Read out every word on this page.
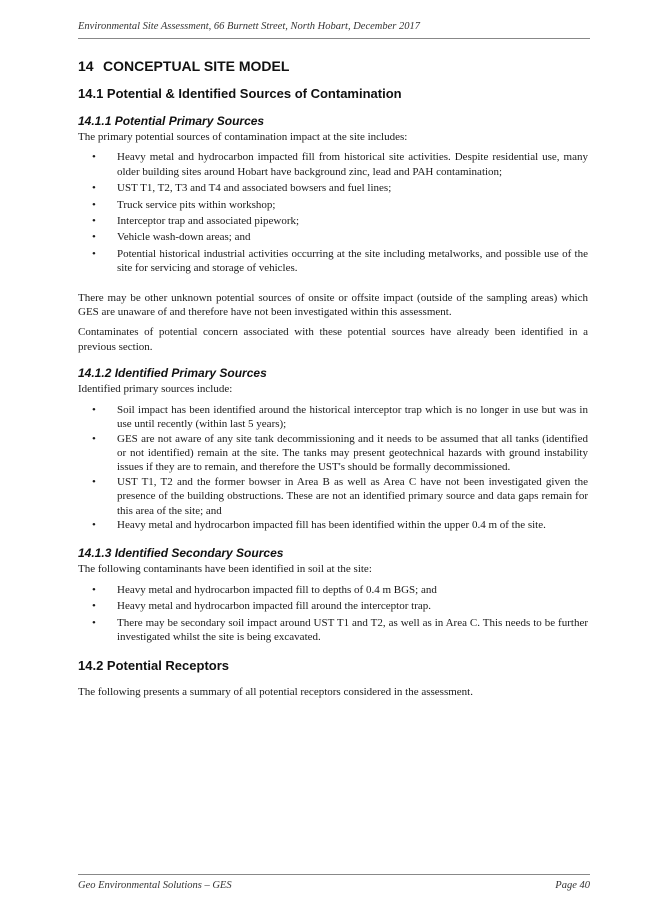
Environmental Site Assessment, 66 Burnett Street, North Hobart, December 2017
14 CONCEPTUAL SITE MODEL
14.1 Potential & Identified Sources of Contamination
14.1.1 Potential Primary Sources

The primary potential sources of contamination impact at the site includes:

• Heavy metal and hydrocarbon impacted fill from historical site activities. Despite residential use, many older building sites around Hobart have background zinc, lead and PAH contamination;
• UST T1, T2, T3 and T4 and associated bowsers and fuel lines;
• Truck service pits within workshop;
• Interceptor trap and associated pipework;
• Vehicle wash-down areas; and
• Potential historical industrial activities occurring at the site including metalworks, and possible use of the site for servicing and storage of vehicles.

There may be other unknown potential sources of onsite or offsite impact (outside of the sampling areas) which GES are unaware of and therefore have not been investigated within this assessment.

Contaminates of potential concern associated with these potential sources have already been identified in a previous section.

14.1.2 Identified Primary Sources

Identified primary sources include:

• Soil impact has been identified around the historical interceptor trap which is no longer in use but was in use until recently (within last 5 years);
• GES are not aware of any site tank decommissioning and it needs to be assumed that all tanks (identified or not identified) remain at the site. The tanks may present geotechnical hazards with ground instability issues if they are to remain, and therefore the UST's should be formally decommissioned.
• UST T1, T2 and the former bowser in Area B as well as Area C have not been investigated given the presence of the building obstructions. These are not an identified primary source and data gaps remain for this area of the site; and
• Heavy metal and hydrocarbon impacted fill has been identified within the upper 0.4 m of the site.
14.1.3 Identified Secondary Sources

The following contaminants have been identified in soil at the site:

• Heavy metal and hydrocarbon impacted fill to depths of 0.4 m BGS; and
• Heavy metal and hydrocarbon impacted fill around the interceptor trap.
• There may be secondary soil impact around UST T1 and T2, as well as in Area C. This needs to be further investigated whilst the site is being excavated.
14.2 Potential Receptors

The following presents a summary of all potential receptors considered in the assessment.

Geo Environmental Solutions – GES	Page 40
